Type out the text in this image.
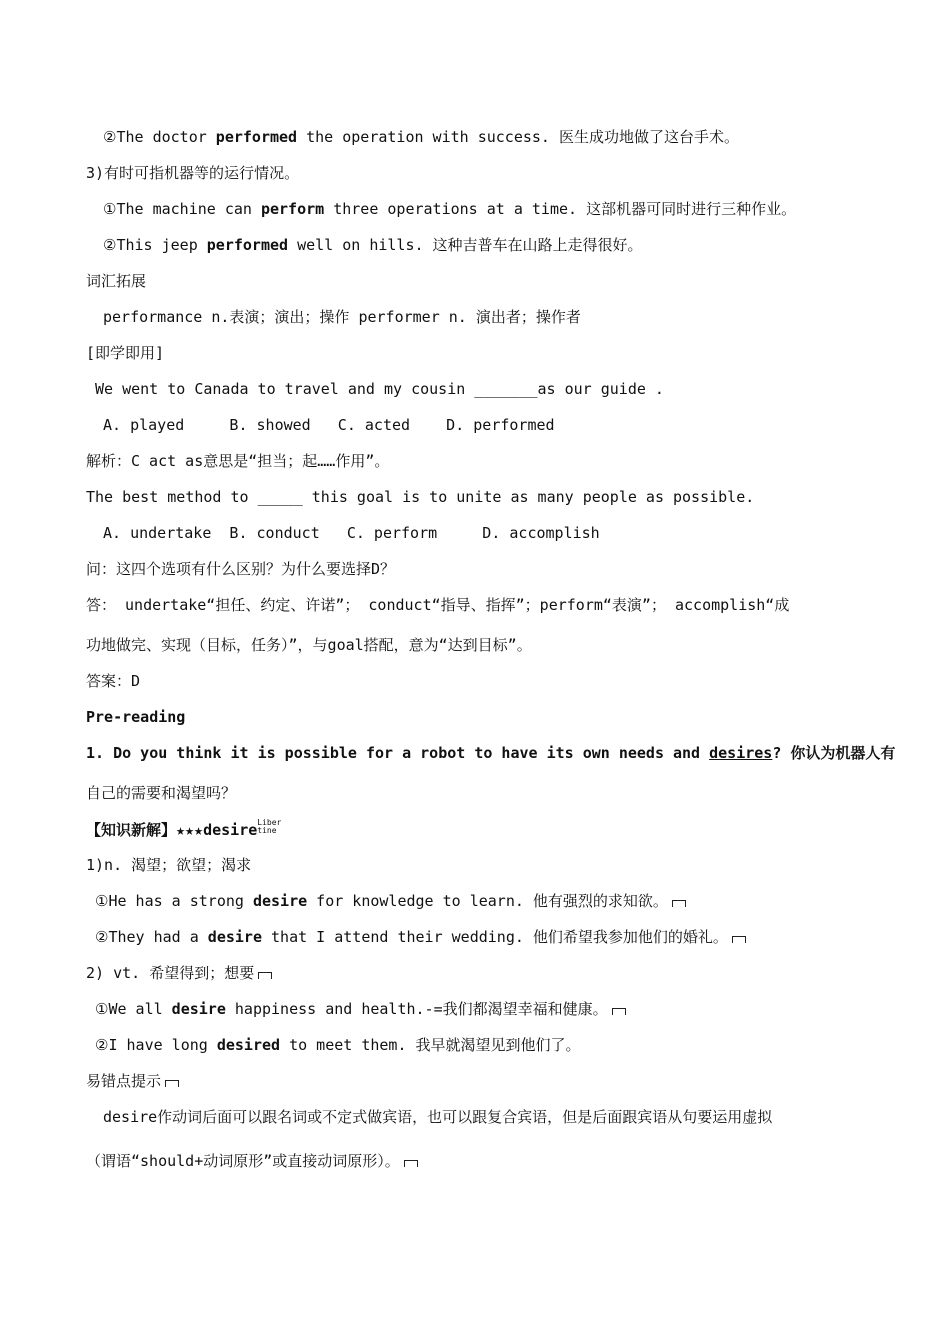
②The doctor performed the operation with success. 医生成功地做了这台手术。
3)有时可指机器等的运行情况。
①The machine can perform three operations at a time. 这部机器可同时进行三种作业。
②This jeep performed well on hills. 这种吉普车在山路上走得很好。
词汇拓展
performance n.表演；演出；操作 performer n. 演出者；操作者
[即学即用]
We went to Canada to travel and my cousin _______as our guide .
A. played     B. showed   C. acted    D. performed
解析：C act as意思是“担当；起……作用”。
The best method to _____ this goal is to unite as many people as possible.
A. undertake  B. conduct   C. perform     D. accomplish
问：这四个选项有什么区别？为什么要选择D？
答： undertake“担任、约定、许诺”； conduct“指导、指挥”；perform“表演”； accomplish“成
功地做完、实现（目标，任务）”，与goal搭配，意为“达到目标”。
答案：D
Pre-reading
1. Do you think it is possible for a robot to have its own needs and desires? 你认为机器人有
自己的需要和渴望吗？
【知识新解】★★★desireLiber
tine
1)n. 渴望；欲望；渴求
①He has a strong desire for knowledge to learn. 他有强烈的求知欲。
②They had a desire that I attend their wedding. 他们希望我参加他们的婚礼。
2) vt. 希望得到；想要
①We all desire happiness and health.-=我们都渴望幸福和健康。
②I have long desired to meet them. 我早就渴望见到他们了。
易错点提示
desire作动词后面可以跟名词或不定式做宾语，也可以跟复合宾语，但是后面跟宾语从句要运用虚拟
（谓语“should+动词原形”或直接动词原形）。
